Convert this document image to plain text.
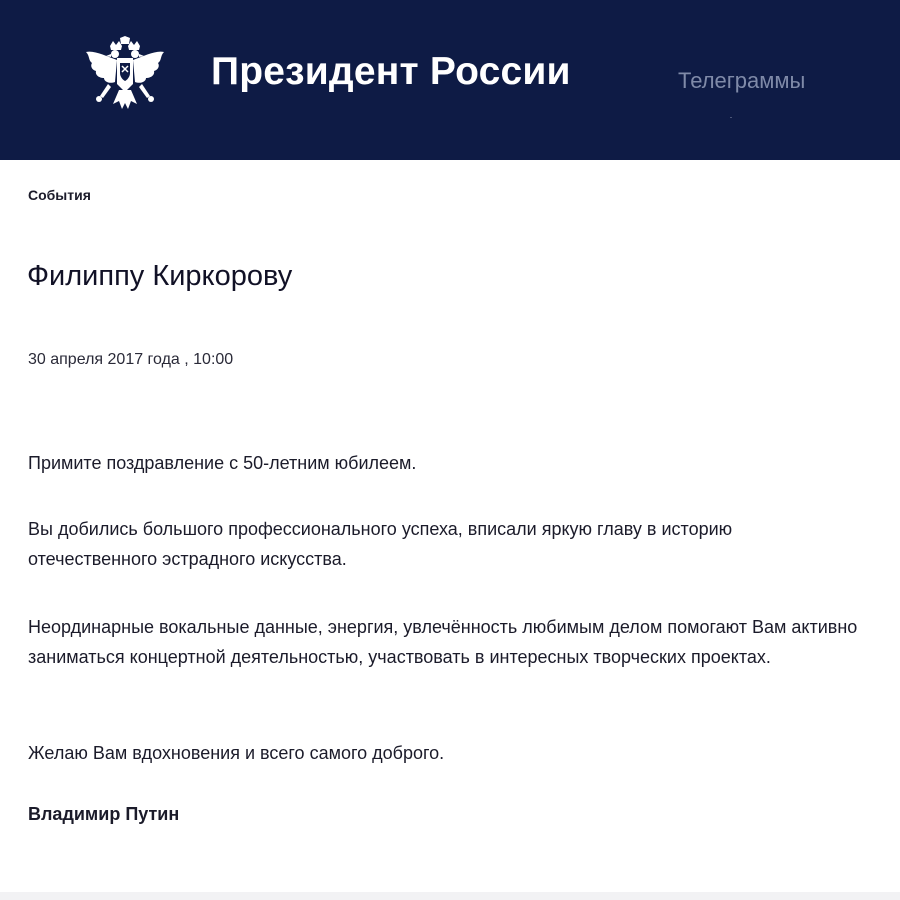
Президент России	Телеграммы
События
Филиппу Киркорову
30 апреля 2017 года , 10:00

Примите поздравление с 50-летним юбилеем.

Вы добились большого профессионального успеха, вписали яркую главу в историю отечественного эстрадного искусства.

Неординарные вокальные данные, энергия, увлечённость любимым делом помогают Вам активно заниматься концертной деятельностью, участвовать в интересных творческих проектах.

Желаю Вам вдохновения и всего самого доброго.

Владимир Путин
